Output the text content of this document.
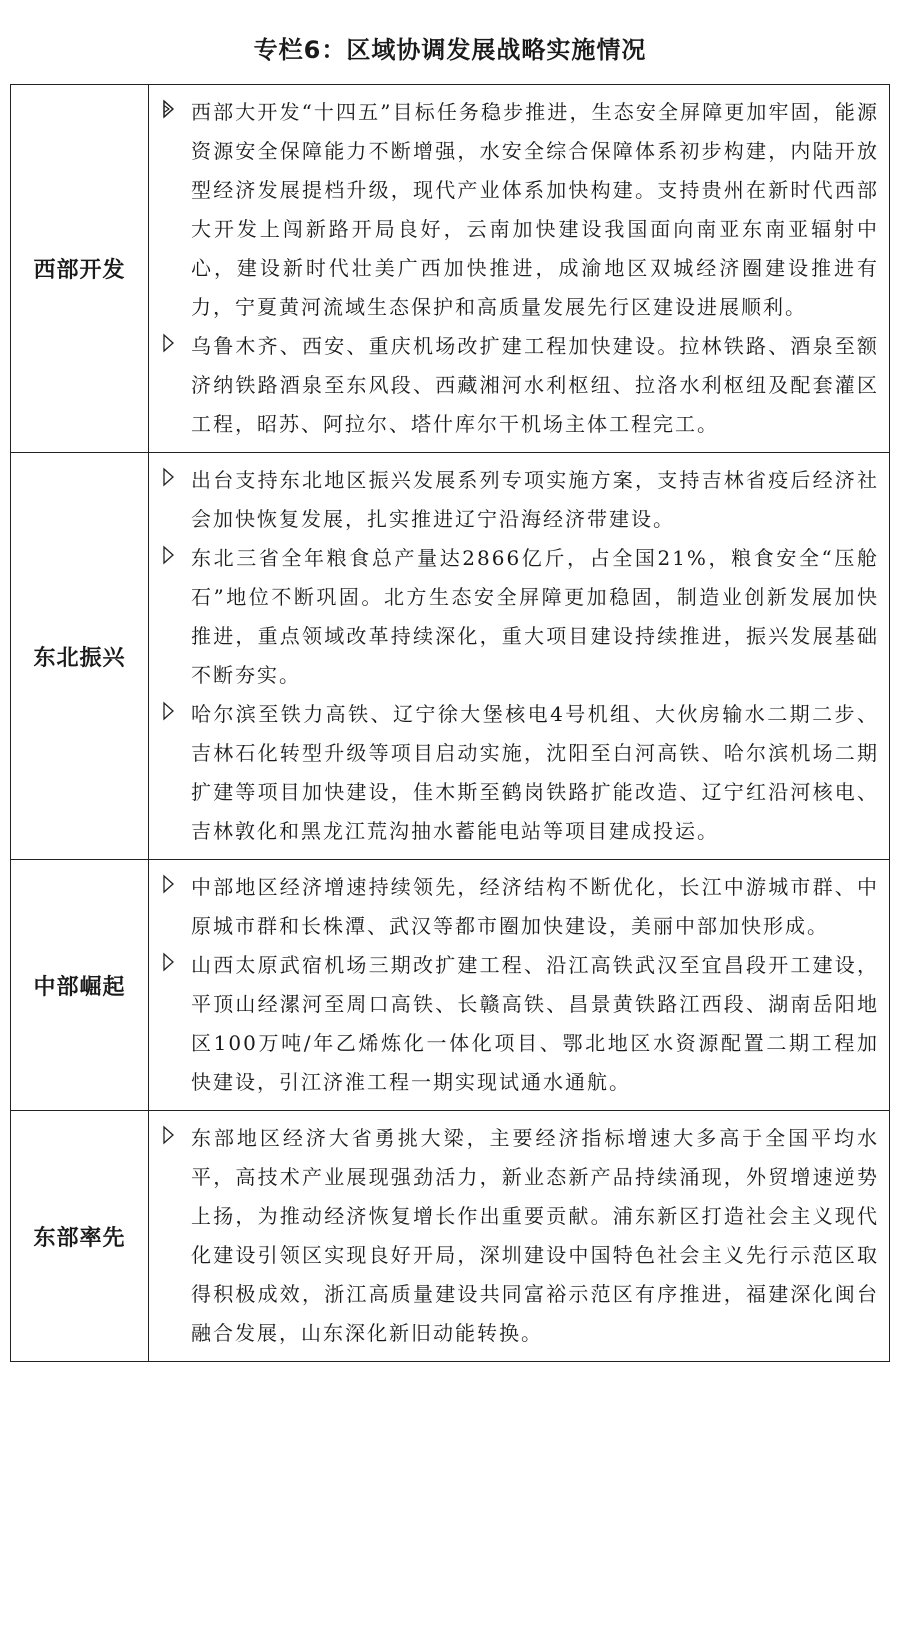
专栏6：区域协调发展战略实施情况
西部开发	西部大开发“十四五”目标任务稳步推进，生态安全屏障更加牢固，能源资源安全保障能力不断增强，水安全综合保障体系初步构建，内陆开放型经济发展提档升级，现代产业体系加快构建。支持贵州在新时代西部大开发上闯新路开局良好，云南加快建设我国面向南亚东南亚辐射中心，建设新时代壮美广西加快推进，成渝地区双城经济圈建设推进有力，宁夏黄河流域生态保护和高质量发展先行区建设进展顺利。
乌鲁木齐、西安、重庆机场改扩建工程加快建设。拉林铁路、酒泉至额济纳铁路酒泉至东风段、西藏湘河水利枢纽、拉洛水利枢纽及配套灌区工程，昭苏、阿拉尔、塔什库尔干机场主体工程完工。

东北振兴	出台支持东北地区振兴发展系列专项实施方案，支持吉林省疫后经济社会加快恢复发展，扎实推进辽宁沿海经济带建设。
东北三省全年粮食总产量达2866亿斤，占全国21%，粮食安全“压舱石”地位不断巩固。北方生态安全屏障更加稳固，制造业创新发展加快推进，重点领域改革持续深化，重大项目建设持续推进，振兴发展基础不断夯实。
哈尔滨至铁力高铁、辽宁徐大堡核电4号机组、大伙房输水二期二步、吉林石化转型升级等项目启动实施，沈阳至白河高铁、哈尔滨机场二期扩建等项目加快建设，佳木斯至鹤岗铁路扩能改造、辽宁红沿河核电、吉林敦化和黑龙江荒沟抽水蓄能电站等项目建成投运。

中部崛起	中部地区经济增速持续领先，经济结构不断优化，长江中游城市群、中原城市群和长株潭、武汉等都市圈加快建设，美丽中部加快形成。
山西太原武宿机场三期改扩建工程、沿江高铁武汉至宜昌段开工建设，平顶山经漯河至周口高铁、长赣高铁、昌景黄铁路江西段、湖南岳阳地区100万吨/年乙烯炼化一体化项目、鄂北地区水资源配置二期工程加快建设，引江济淮工程一期实现试通水通航。

东部率先	东部地区经济大省勇挑大梁，主要经济指标增速大多高于全国平均水平，高技术产业展现强劲活力，新业态新产品持续涌现，外贸增速逆势上扬，为推动经济恢复增长作出重要贡献。浦东新区打造社会主义现代化建设引领区实现良好开局，深圳建设中国特色社会主义先行示范区取得积极成效，浙江高质量建设共同富裕示范区有序推进，福建深化闽台融合发展，山东深化新旧动能转换。
